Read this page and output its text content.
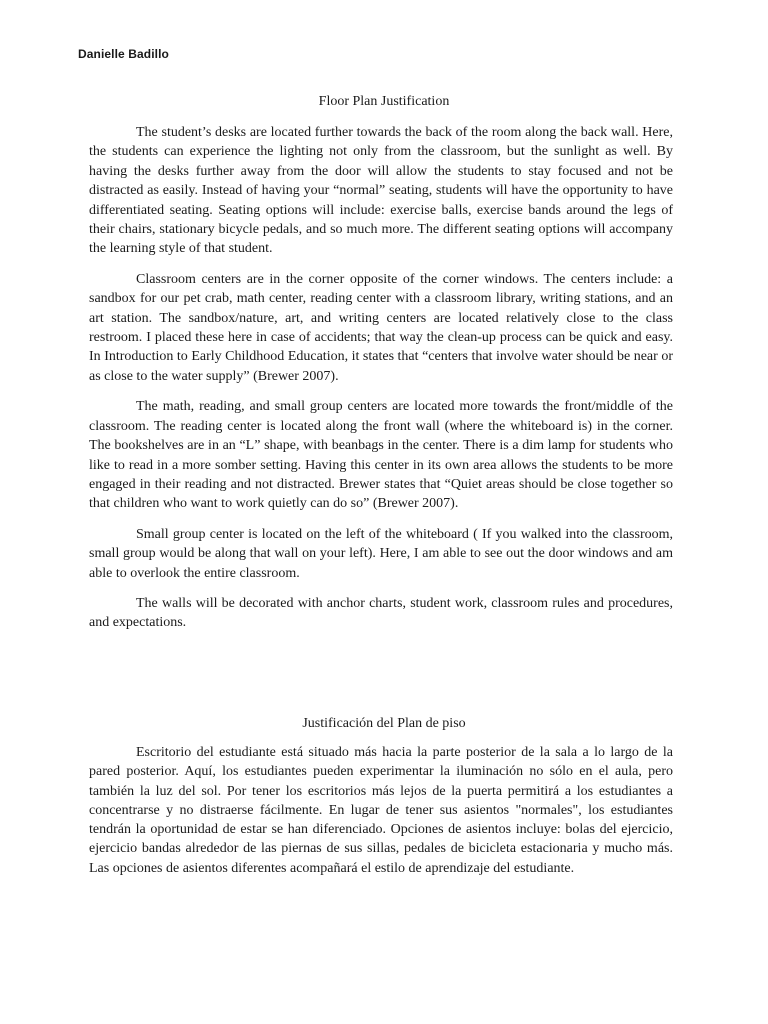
Danielle Badillo
Floor Plan Justification

The student’s desks are located further towards the back of the room along the back wall. Here, the students can experience the lighting not only from the classroom, but the sunlight as well. By having the desks further away from the door will allow the students to stay focused and not be distracted as easily. Instead of having your “normal” seating, students will have the opportunity to have differentiated seating. Seating options will include: exercise balls, exercise bands around the legs of their chairs, stationary bicycle pedals, and so much more. The different seating options will accompany the learning style of that student.

Classroom centers are in the corner opposite of the corner windows. The centers include: a sandbox for our pet crab, math center, reading center with a classroom library, writing stations, and an art station. The sandbox/nature, art, and writing centers are located relatively close to the class restroom. I placed these here in case of accidents; that way the clean-up process can be quick and easy. In Introduction to Early Childhood Education, it states that “centers that involve water should be near or as close to the water supply” (Brewer 2007).

The math, reading, and small group centers are located more towards the front/middle of the classroom. The reading center is located along the front wall (where the whiteboard is) in the corner. The bookshelves are in an “L” shape, with beanbags in the center. There is a dim lamp for students who like to read in a more somber setting. Having this center in its own area allows the students to be more engaged in their reading and not distracted. Brewer states that “Quiet areas should be close together so that children who want to work quietly can do so” (Brewer 2007).

Small group center is located on the left of the whiteboard ( If you walked into the classroom, small group would be along that wall on your left). Here, I am able to see out the door windows and am able to overlook the entire classroom.

The walls will be decorated with anchor charts, student work, classroom rules and procedures, and expectations.

Justificación del Plan de piso

Escritorio del estudiante está situado más hacia la parte posterior de la sala a lo largo de la pared posterior. Aquí, los estudiantes pueden experimentar la iluminación no sólo en el aula, pero también la luz del sol. Por tener los escritorios más lejos de la puerta permitirá a los estudiantes a concentrarse y no distraerse fácilmente. En lugar de tener sus asientos "normales", los estudiantes tendrán la oportunidad de estar se han diferenciado. Opciones de asientos incluye: bolas del ejercicio, ejercicio bandas alrededor de las piernas de sus sillas, pedales de bicicleta estacionaria y mucho más. Las opciones de asientos diferentes acompañará el estilo de aprendizaje del estudiante.
